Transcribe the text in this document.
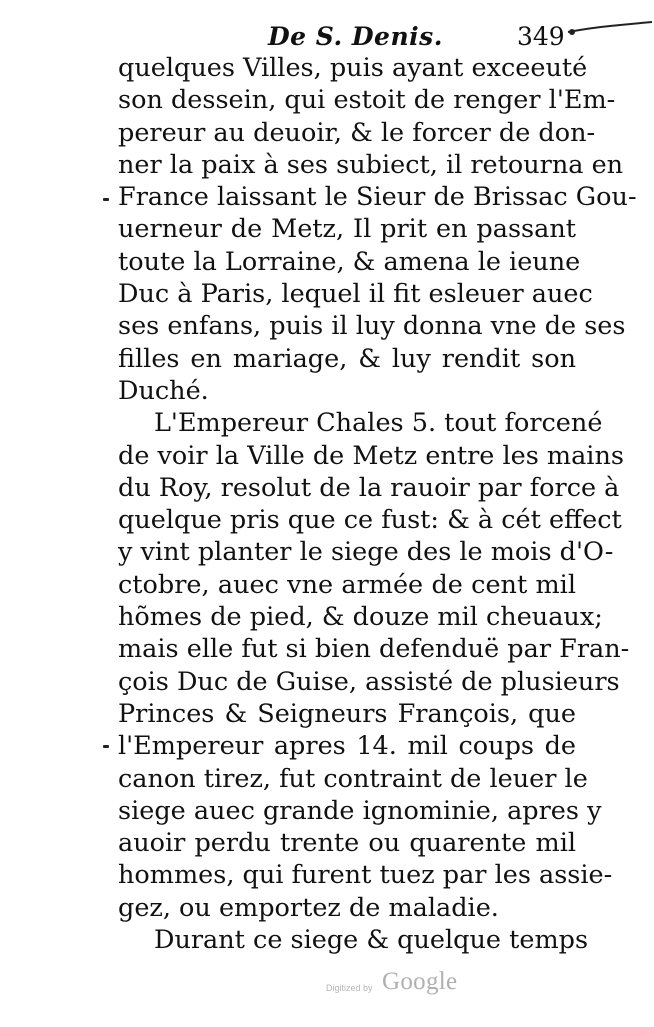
De S. Denis.	349
quelques Villes, puis ayant exceeuté
son dessein, qui estoit de renger l'Em-
pereur au deuoir, & le forcer de don-
ner la paix à ses subiect, il retourna en
France laissant le Sieur de Brissac Gou-
uerneur de Metz, Il prit en passant
toute la Lorraine, & amena le ieune
Duc à Paris, lequel il fit esleuer auec
ses enfans, puis il luy donna vne de ses
filles en mariage, & luy rendit son
Duché.
L'Empereur Chales 5. tout forcené
de voir la Ville de Metz entre les mains
du Roy, resolut de la rauoir par force à
quelque pris que ce fust: & à cét effect
y vint planter le siege des le mois d'O-
ctobre, auec vne armée de cent mil
hõmes de pied, & douze mil cheuaux;
mais elle fut si bien defenduë par Fran-
çois Duc de Guise, assisté de plusieurs
Princes & Seigneurs François, que
l'Empereur apres 14. mil coups de
canon tirez, fut contraint de leuer le
siege auec grande ignominie, apres y
auoir perdu trente ou quarente mil
hommes, qui furent tuez par les assie-
gez, ou emportez de maladie.
Durant ce siege & quelque temps
Digitized by Google
